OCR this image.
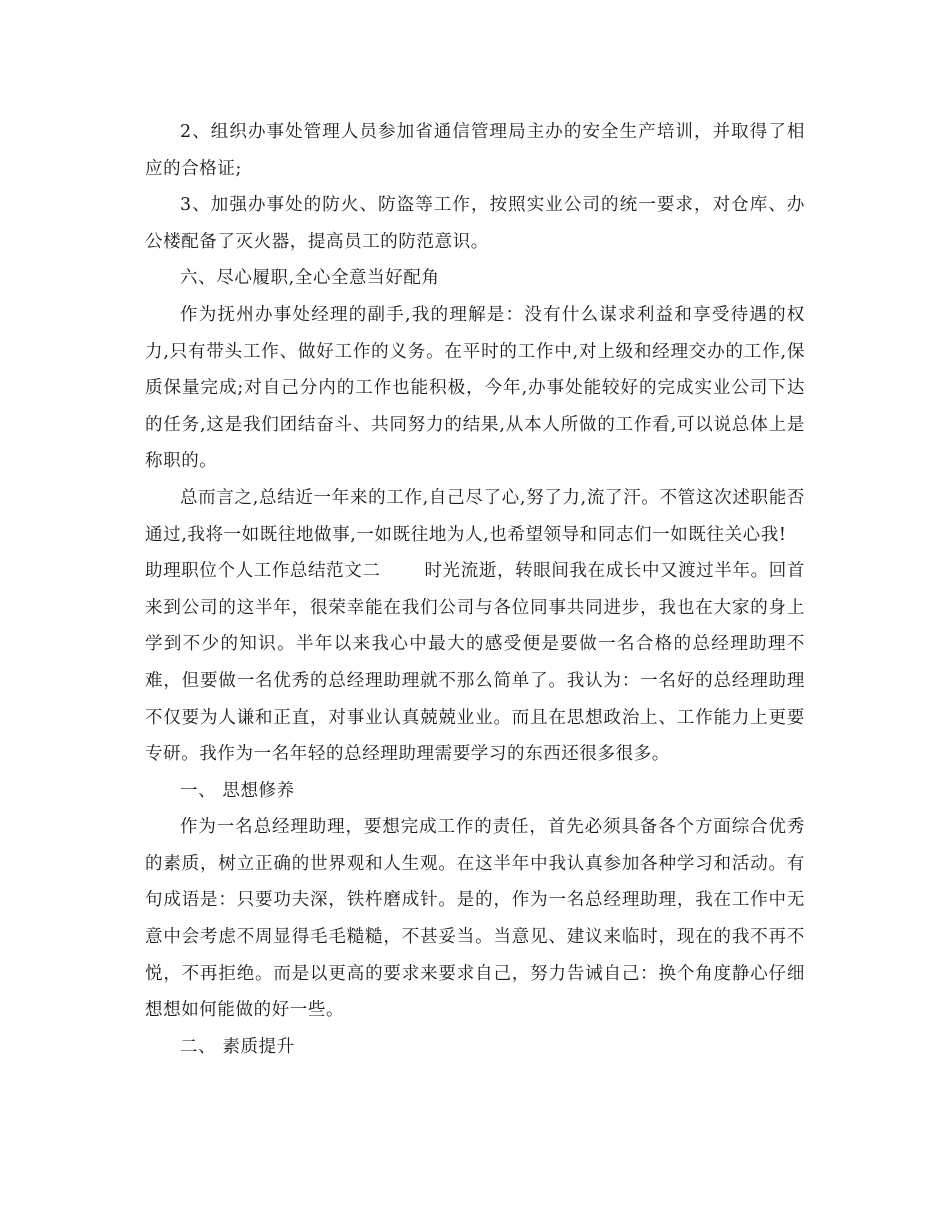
2、组织办事处管理人员参加省通信管理局主办的安全生产培训，并取得了相应的合格证;

3、加强办事处的防火、防盗等工作，按照实业公司的统一要求，对仓库、办公楼配备了灭火器，提高员工的防范意识。

六、尽心履职,全心全意当好配角

作为抚州办事处经理的副手,我的理解是：没有什么谋求利益和享受待遇的权力,只有带头工作、做好工作的义务。在平时的工作中,对上级和经理交办的工作,保质保量完成;对自己分内的工作也能积极，今年,办事处能较好的完成实业公司下达的任务,这是我们团结奋斗、共同努力的结果,从本人所做的工作看,可以说总体上是称职的。

总而言之,总结近一年来的工作,自己尽了心,努了力,流了汗。不管这次述职能否通过,我将一如既往地做事,一如既往地为人,也希望领导和同志们一如既往关心我!

助理职位个人工作总结范文二	时光流逝，转眼间我在成长中又渡过半年。回首来到公司的这半年，很荣幸能在我们公司与各位同事共同进步，我也在大家的身上学到不少的知识。半年以来我心中最大的感受便是要做一名合格的总经理助理不难，但要做一名优秀的总经理助理就不那么简单了。我认为：一名好的总经理助理不仅要为人谦和正直，对事业认真兢兢业业。而且在思想政治上、工作能力上更要专研。我作为一名年轻的总经理助理需要学习的东西还很多很多。

一、 思想修养

作为一名总经理助理，要想完成工作的责任，首先必须具备各个方面综合优秀的素质，树立正确的世界观和人生观。在这半年中我认真参加各种学习和活动。有句成语是：只要功夫深，铁杵磨成针。是的，作为一名总经理助理，我在工作中无意中会考虑不周显得毛毛糙糙，不甚妥当。当意见、建议来临时，现在的我不再不悦，不再拒绝。而是以更高的要求来要求自己，努力告诫自己：换个角度静心仔细想想如何能做的好一些。

二、 素质提升
